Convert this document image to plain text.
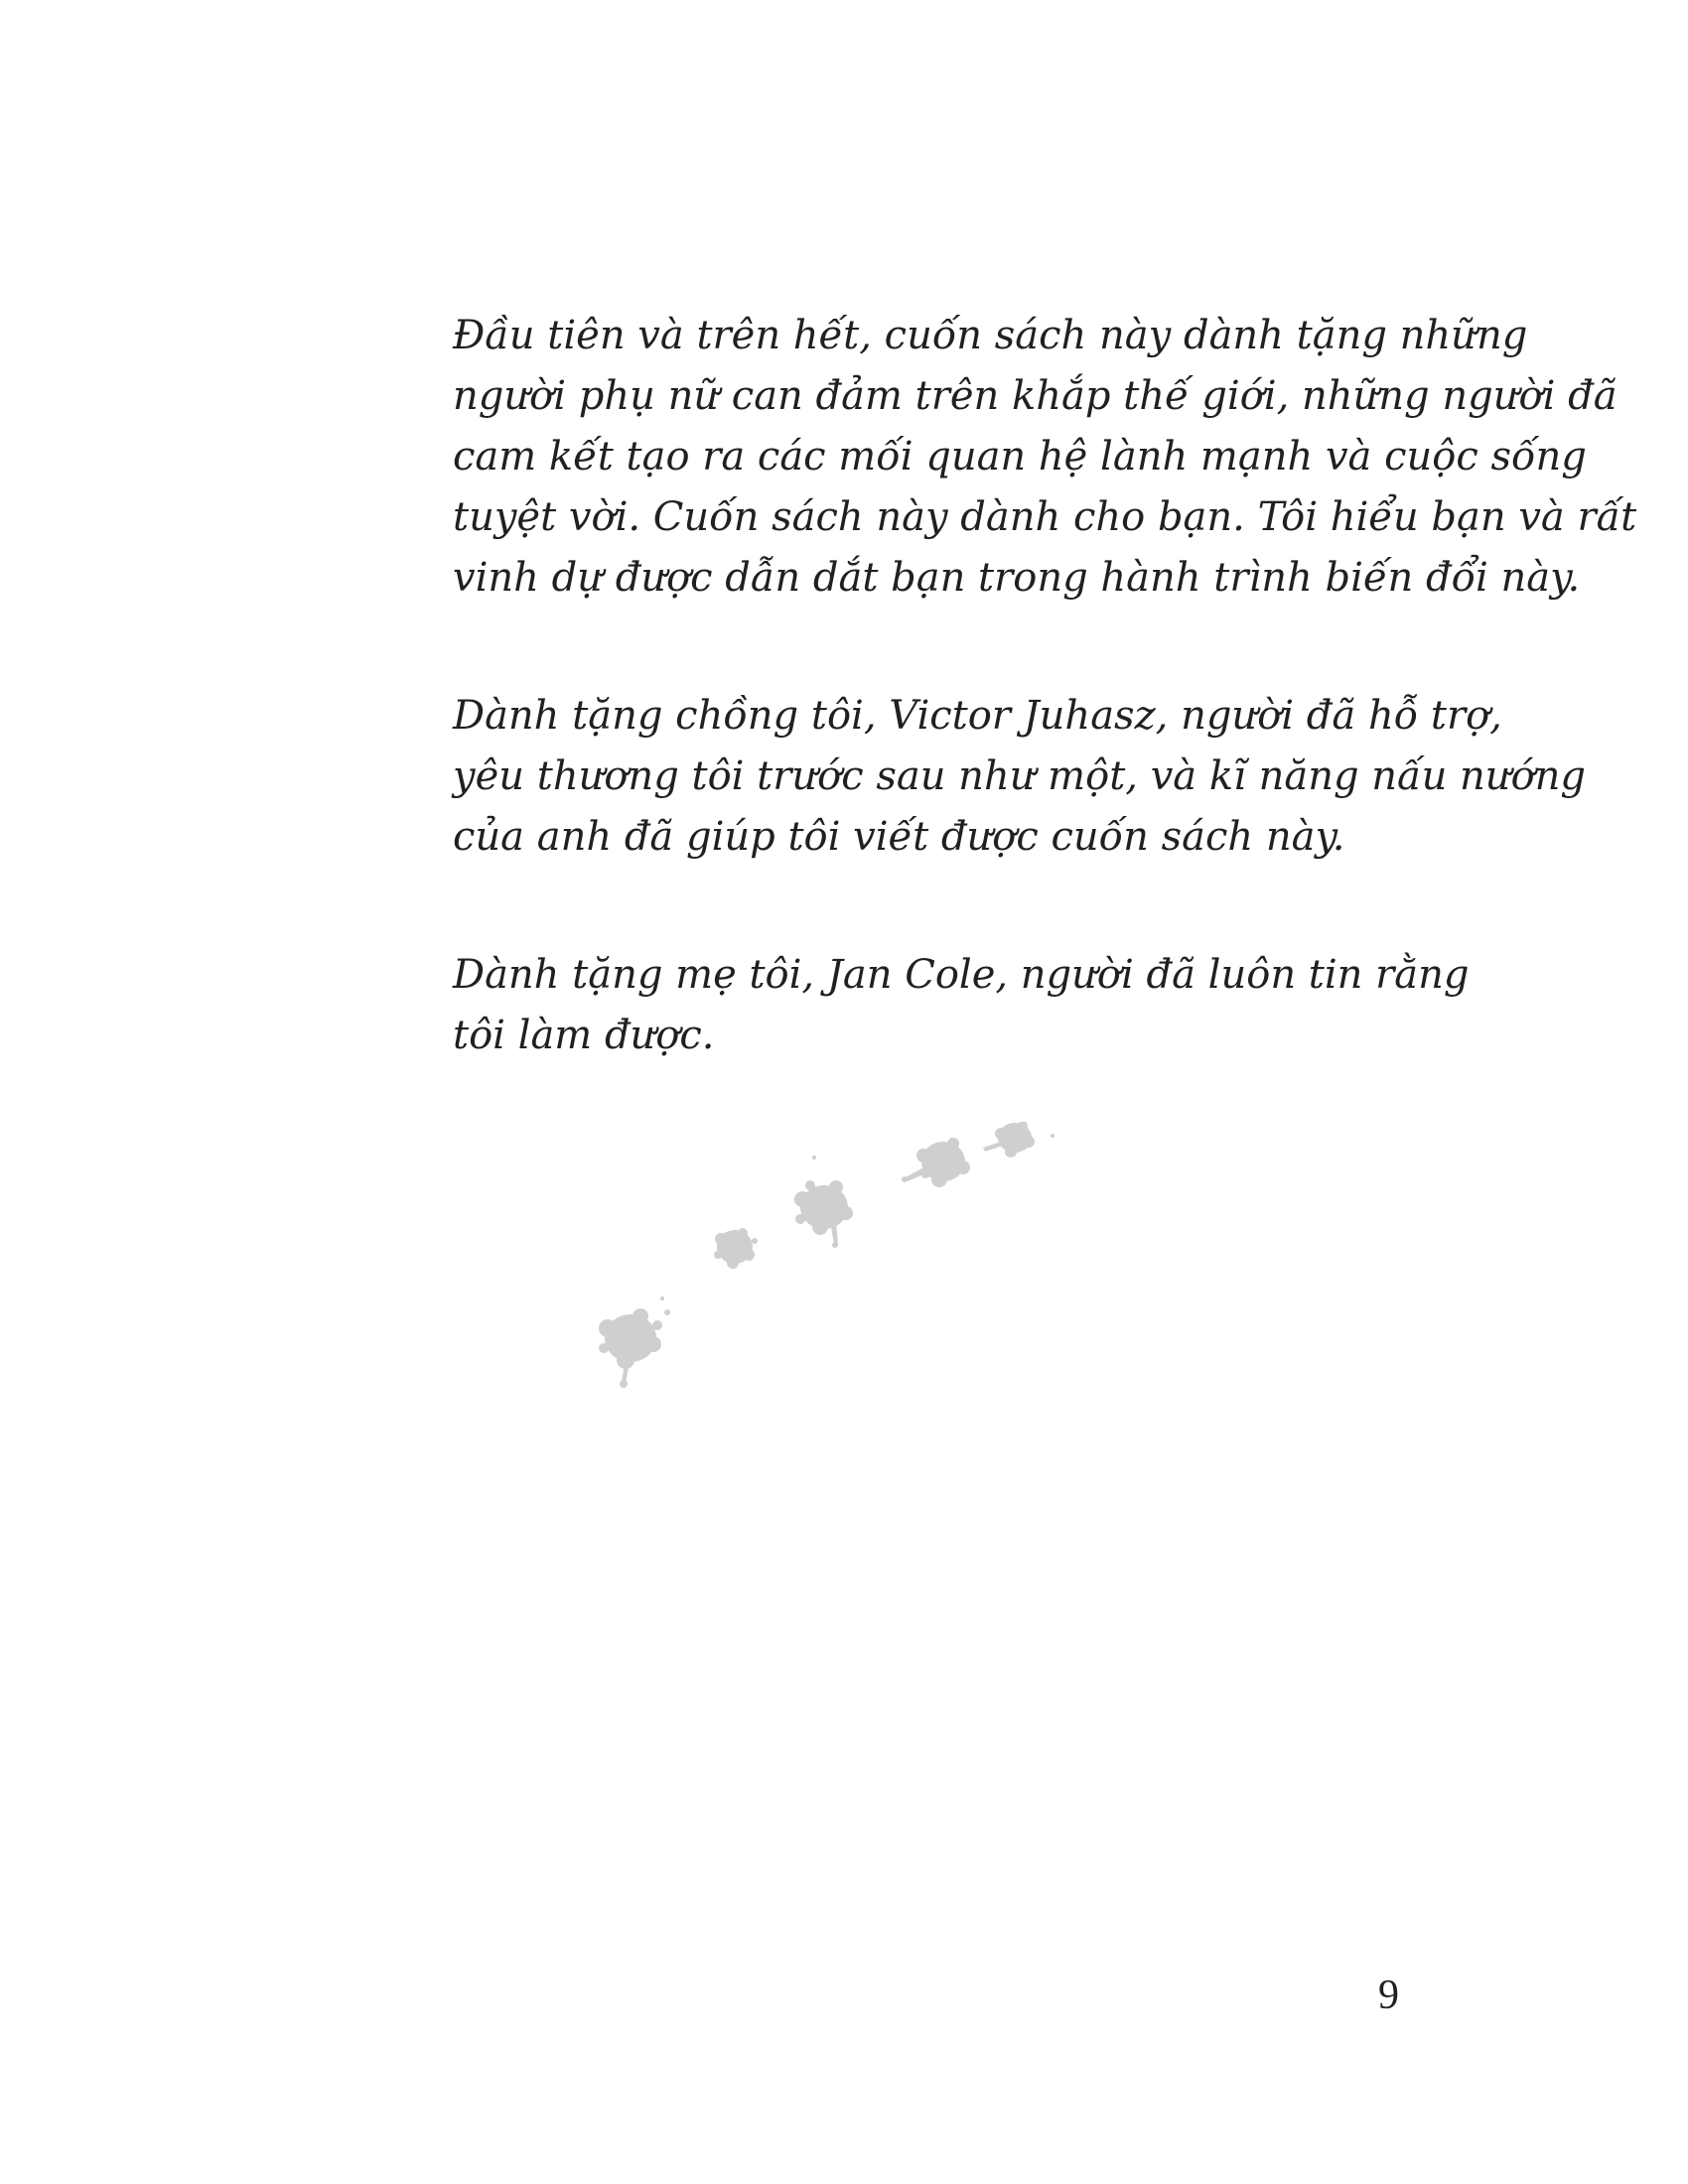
Đầu tiên và trên hết, cuốn sách này dành tặng những
người phụ nữ can đảm trên khắp thế giới, những người đã
cam kết tạo ra các mối quan hệ lành mạnh và cuộc sống
tuyệt vời. Cuốn sách này dành cho bạn. Tôi hiểu bạn và rất
vinh dự được dẫn dắt bạn trong hành trình biến đổi này.

Dành tặng chồng tôi, Victor Juhasz, người đã hỗ trợ,
yêu thương tôi trước sau như một, và kĩ năng nấu nướng
của anh đã giúp tôi viết được cuốn sách này.

Dành tặng mẹ tôi, Jan Cole, người đã luôn tin rằng
tôi làm được.

9
